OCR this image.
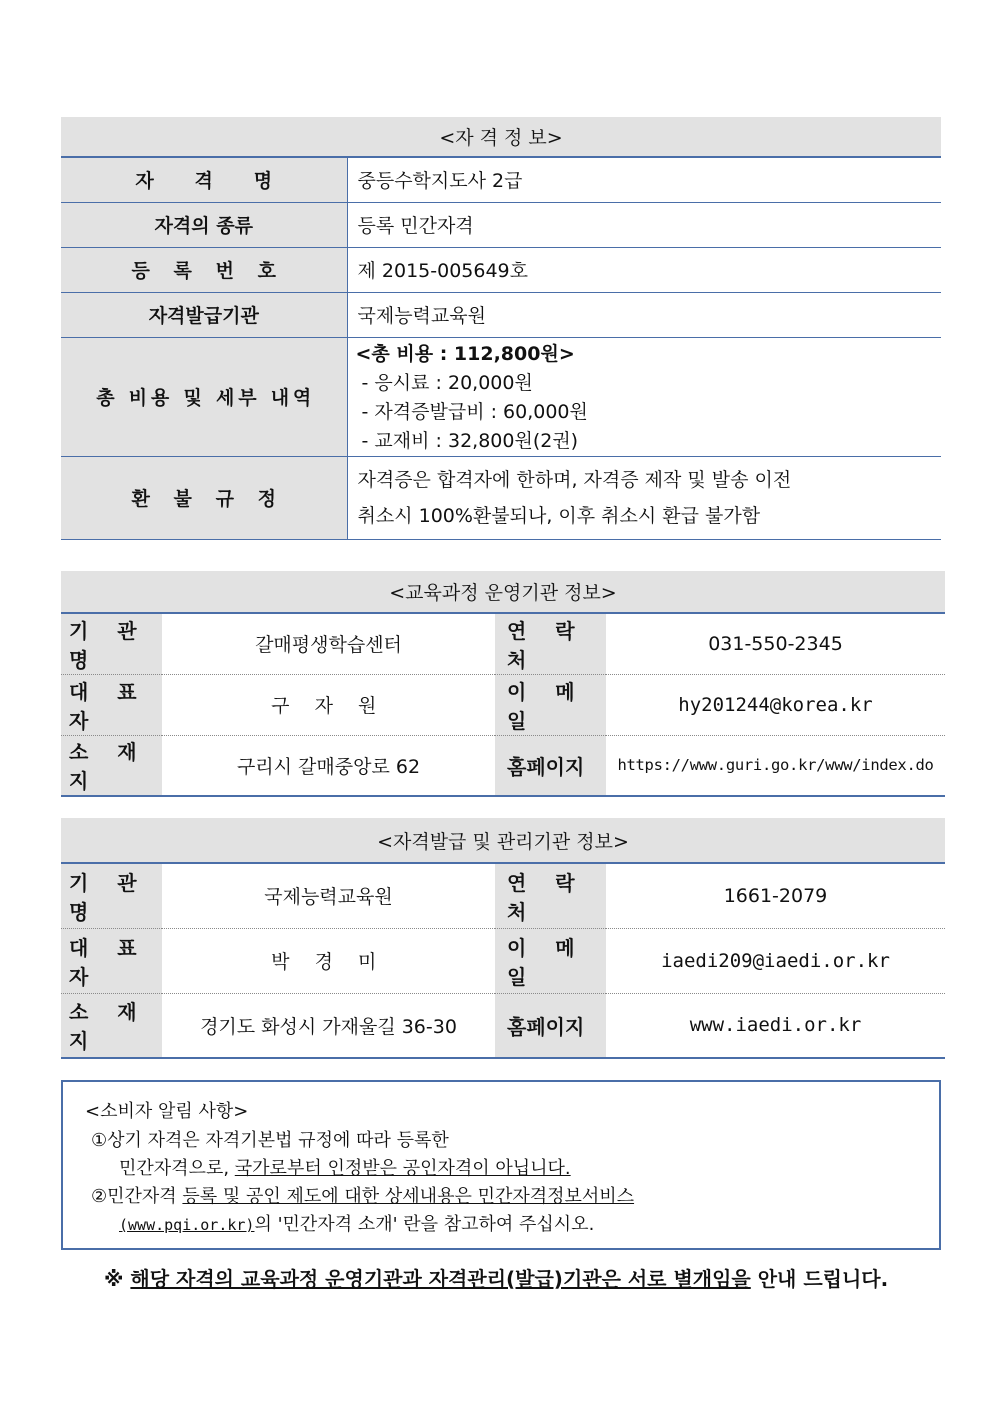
<자 격 정 보>	
자 격 명	중등수학지도사 2급
자격의 종류	등록 민간자격
등 록 번 호	제 2015-005649호
자격발급기관	국제능력교육원
총 비용 및 세부 내역	<총 비용 : 112,800원>
- 응시료 : 20,000원
- 자격증발급비 : 60,000원
- 교재비 : 32,800원(2권)

환 불 규 정	자격증은 합격자에 한하며, 자격증 제작 및 발송 이전
취소시 100%환불되나, 이후 취소시 환급 불가함
<교육과정 운영기관 정보>			
기 관 명	갈매평생학습센터	연 락 처	031-550-2345
대 표 자	구 자 원	이 메 일	hy201244@korea.kr
소 재 지	구리시 갈매중앙로 62	홈페이지	https://www.guri.go.kr/www/index.do
<자격발급 및 관리기관 정보>			
기 관 명	국제능력교육원	연 락 처	1661-2079
대 표 자	박 경 미	이 메 일	iaedi209@iaedi.or.kr
소 재 지	경기도 화성시 가재울길 36-30	홈페이지	www.iaedi.or.kr
<소비자 알림 사항>
①상기 자격은 자격기본법 규정에 따라 등록한
민간자격으로, 국가로부터 인정받은 공인자격이 아닙니다.
②민간자격 등록 및 공인 제도에 대한 상세내용은 민간자격정보서비스
(www.pqi.or.kr)의 '민간자격 소개' 란을 참고하여 주십시오.
※ 해당 자격의 교육과정 운영기관과 자격관리(발급)기관은 서로 별개임을 안내 드립니다.
